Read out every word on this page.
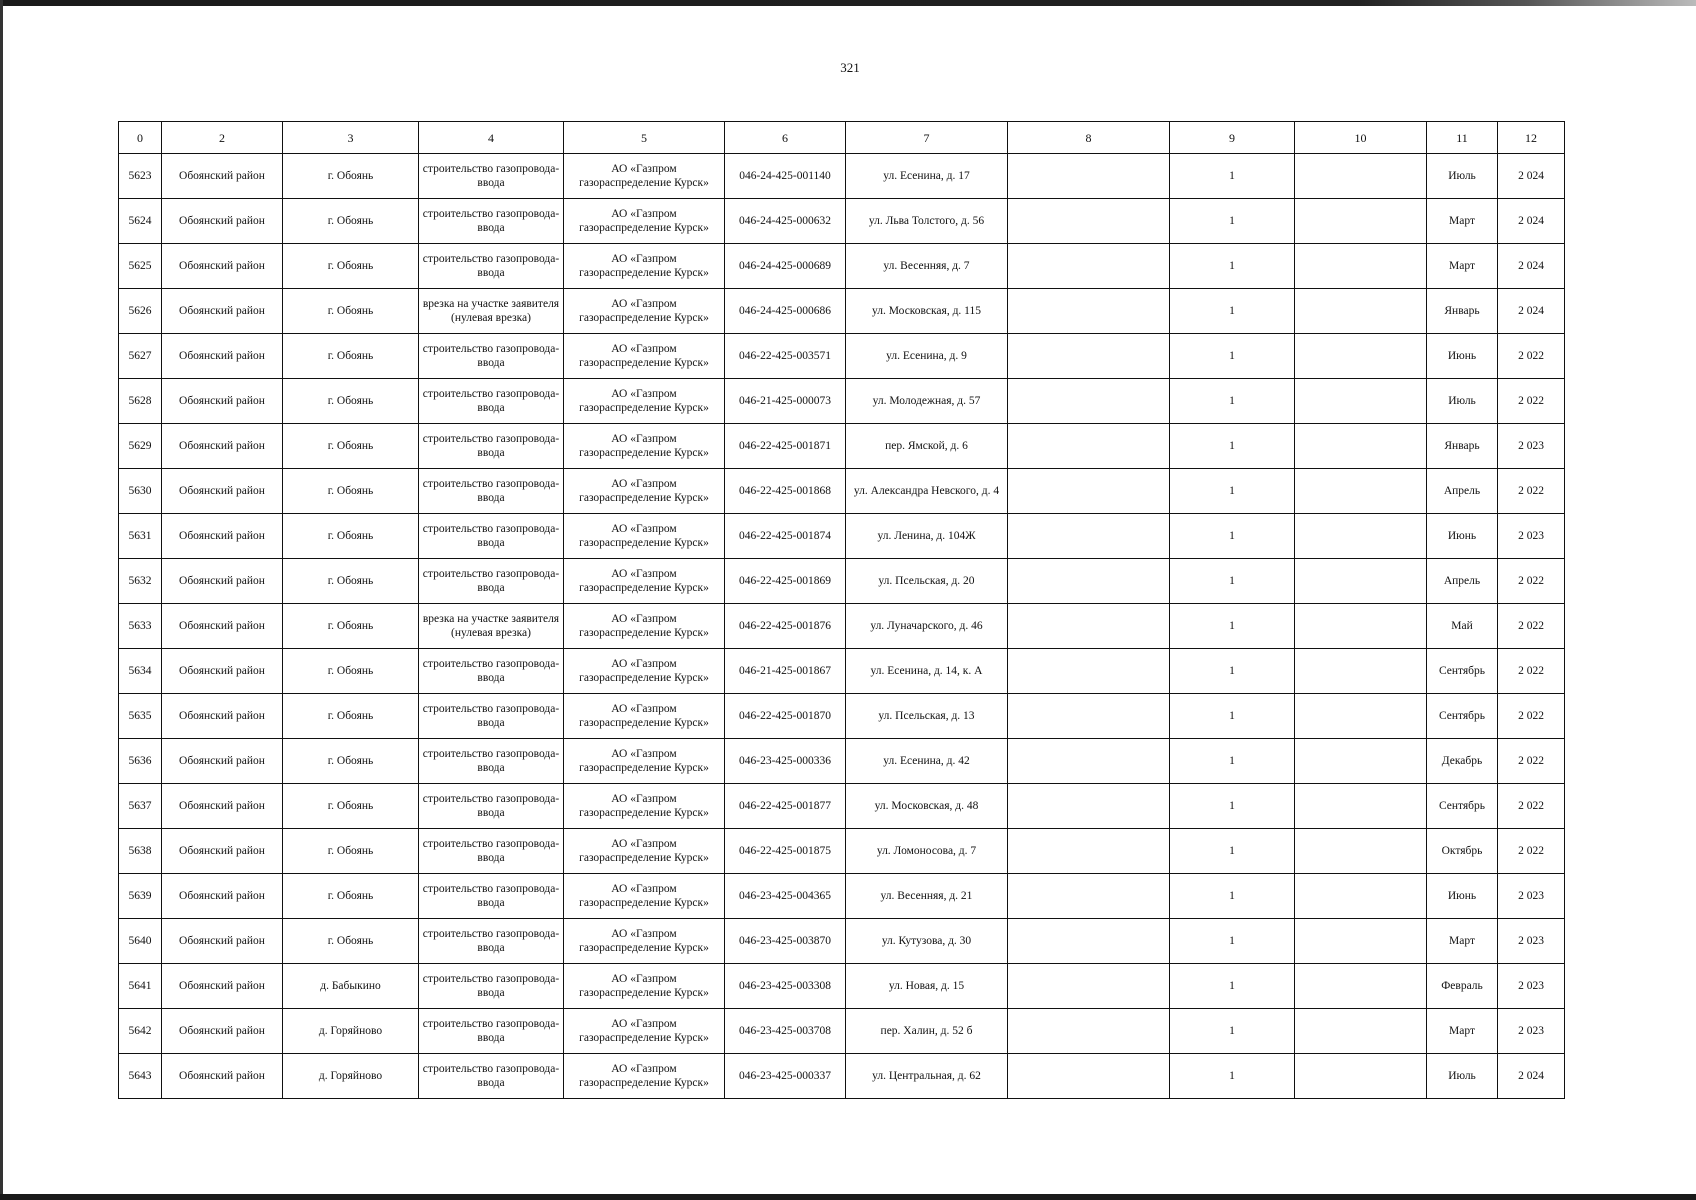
321
0	2	3	4	5	6	7	8	9	10	11	12
5623	Обоянский район	г. Обоянь	строительство газопровода-ввода	АО «Газпром газораспределение Курск»	046-24-425-001140	ул. Есенина, д. 17		1		Июль	2 024
5624	Обоянский район	г. Обоянь	строительство газопровода-ввода	АО «Газпром газораспределение Курск»	046-24-425-000632	ул. Льва Толстого, д. 56		1		Март	2 024
5625	Обоянский район	г. Обоянь	строительство газопровода-ввода	АО «Газпром газораспределение Курск»	046-24-425-000689	ул. Весенняя, д. 7		1		Март	2 024
5626	Обоянский район	г. Обоянь	врезка на участке заявителя (нулевая врезка)	АО «Газпром газораспределение Курск»	046-24-425-000686	ул. Московская, д. 115		1		Январь	2 024
5627	Обоянский район	г. Обоянь	строительство газопровода-ввода	АО «Газпром газораспределение Курск»	046-22-425-003571	ул. Есенина, д. 9		1		Июнь	2 022
5628	Обоянский район	г. Обоянь	строительство газопровода-ввода	АО «Газпром газораспределение Курск»	046-21-425-000073	ул. Молодежная, д. 57		1		Июль	2 022
5629	Обоянский район	г. Обоянь	строительство газопровода-ввода	АО «Газпром газораспределение Курск»	046-22-425-001871	пер. Ямской, д. 6		1		Январь	2 023
5630	Обоянский район	г. Обоянь	строительство газопровода-ввода	АО «Газпром газораспределение Курск»	046-22-425-001868	ул. Александра Невского, д. 4		1		Апрель	2 022
5631	Обоянский район	г. Обоянь	строительство газопровода-ввода	АО «Газпром газораспределение Курск»	046-22-425-001874	ул. Ленина, д. 104Ж		1		Июнь	2 023
5632	Обоянский район	г. Обоянь	строительство газопровода-ввода	АО «Газпром газораспределение Курск»	046-22-425-001869	ул. Псельская, д. 20		1		Апрель	2 022
5633	Обоянский район	г. Обоянь	врезка на участке заявителя (нулевая врезка)	АО «Газпром газораспределение Курск»	046-22-425-001876	ул. Луначарского, д. 46		1		Май	2 022
5634	Обоянский район	г. Обоянь	строительство газопровода-ввода	АО «Газпром газораспределение Курск»	046-21-425-001867	ул. Есенина, д. 14, к. А		1		Сентябрь	2 022
5635	Обоянский район	г. Обоянь	строительство газопровода-ввода	АО «Газпром газораспределение Курск»	046-22-425-001870	ул. Псельская, д. 13		1		Сентябрь	2 022
5636	Обоянский район	г. Обоянь	строительство газопровода-ввода	АО «Газпром газораспределение Курск»	046-23-425-000336	ул. Есенина, д. 42		1		Декабрь	2 022
5637	Обоянский район	г. Обоянь	строительство газопровода-ввода	АО «Газпром газораспределение Курск»	046-22-425-001877	ул. Московская, д. 48		1		Сентябрь	2 022
5638	Обоянский район	г. Обоянь	строительство газопровода-ввода	АО «Газпром газораспределение Курск»	046-22-425-001875	ул. Ломоносова, д. 7		1		Октябрь	2 022
5639	Обоянский район	г. Обоянь	строительство газопровода-ввода	АО «Газпром газораспределение Курск»	046-23-425-004365	ул. Весенняя, д. 21		1		Июнь	2 023
5640	Обоянский район	г. Обоянь	строительство газопровода-ввода	АО «Газпром газораспределение Курск»	046-23-425-003870	ул. Кутузова, д. 30		1		Март	2 023
5641	Обоянский район	д. Бабыкино	строительство газопровода-ввода	АО «Газпром газораспределение Курск»	046-23-425-003308	ул. Новая, д. 15		1		Февраль	2 023
5642	Обоянский район	д. Горяйново	строительство газопровода-ввода	АО «Газпром газораспределение Курск»	046-23-425-003708	пер. Халин, д. 52 б		1		Март	2 023
5643	Обоянский район	д. Горяйново	строительство газопровода-ввода	АО «Газпром газораспределение Курск»	046-23-425-000337	ул. Центральная, д. 62		1		Июль	2 024
